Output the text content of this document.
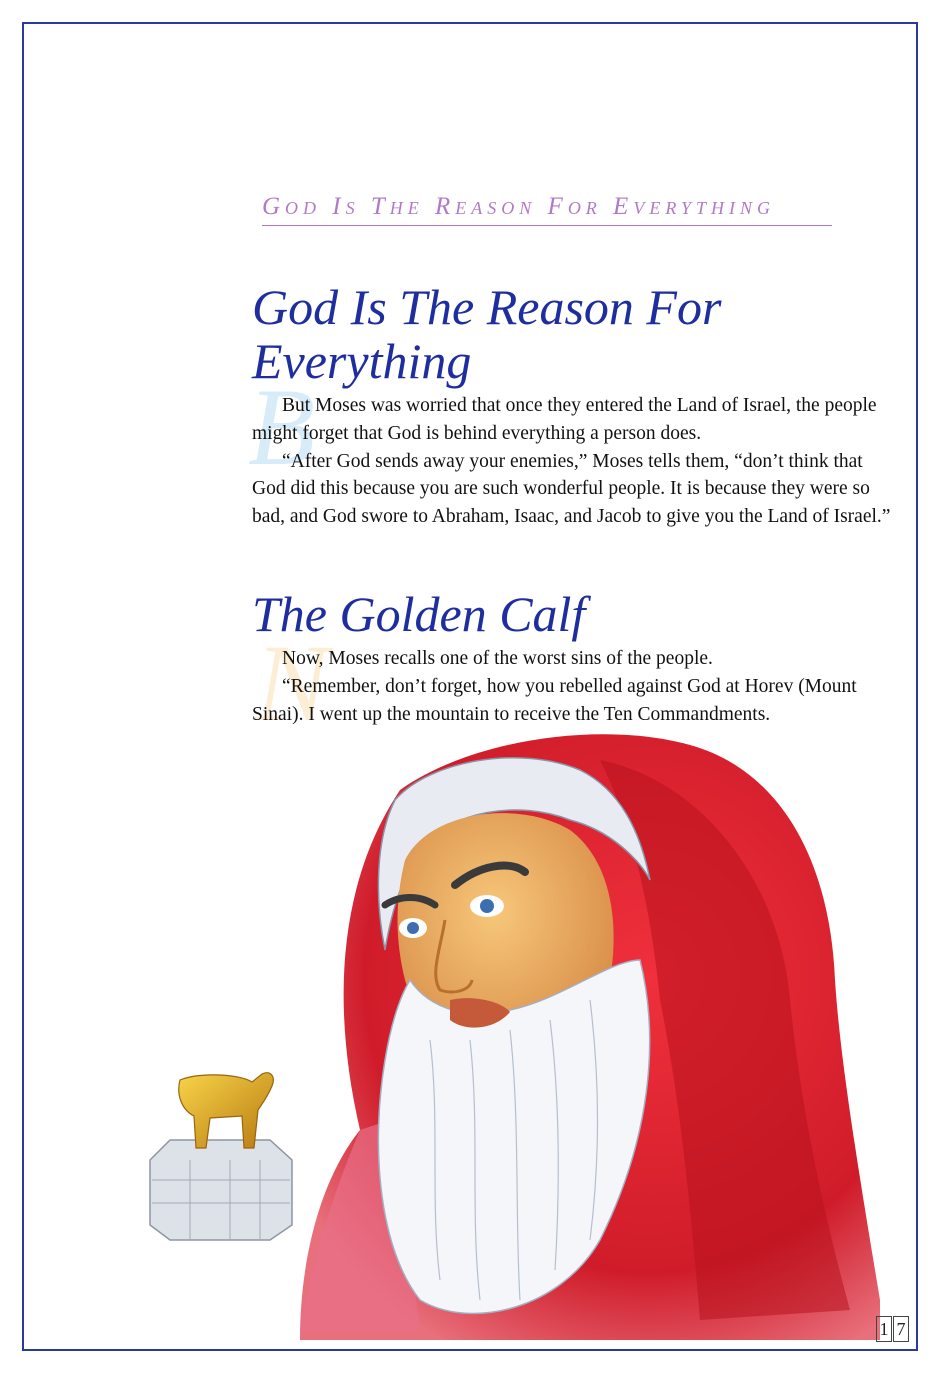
God Is The Reason For Everything
God Is The Reason For Everything
B

But Moses was worried that once they entered the Land of Israel, the people might forget that God is behind everything a person does.

“After God sends away your enemies,” Moses tells them, “don’t think that God did this because you are such wonderful people. It is because they were so bad, and God swore to Abraham, Isaac, and Jacob to give you the Land of Israel.”

The Golden Calf
N

Now, Moses recalls one of the worst sins of the people.

“Remember, don’t forget, how you rebelled against God at Horev (Mount Sinai). I went up the mountain to receive the Ten Commandments.

1 7
